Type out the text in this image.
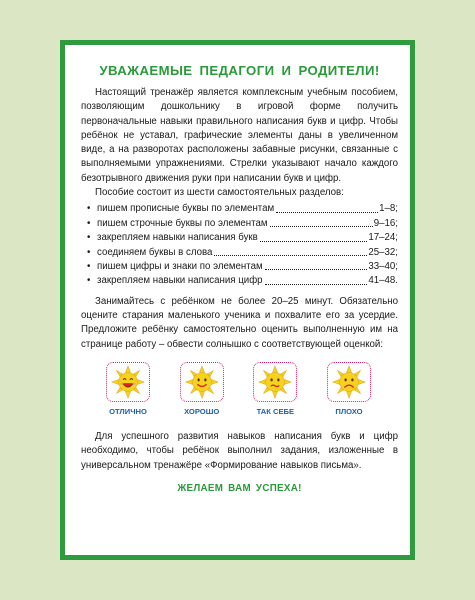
УВАЖАЕМЫЕ ПЕДАГОГИ И РОДИТЕЛИ!

Настоящий тренажёр является комплексным учебным пособием, позволяющим дошкольнику в игровой форме получить первоначальные навыки правильного написания букв и цифр. Чтобы ребёнок не уставал, графические элементы даны в увеличенном виде, а на разворотах расположены забавные рисунки, связанные с выполняемыми упражнениями. Стрелки указывают начало каждого безотрывного движения руки при написании букв и цифр.

Пособие состоит из шести самостоятельных разделов:

• пишем прописные буквы по элементам	1–8;
• пишем строчные буквы по элементам	9–16;
• закрепляем навыки написания букв	17–24;
• соединяем буквы в слова	25–32;
• пишем цифры и знаки по элементам	33–40;
• закрепляем навыки написания цифр	41–48.

Занимайтесь с ребёнком не более 20–25 минут. Обязательно оцените старания маленького ученика и похвалите его за усердие. Предложите ребёнку самостоятельно оценить выполненную им на странице работу – обвести солнышко с соответствующей оценкой:

ОТЛИЧНО	ХОРОШО	ТАК СЕБЕ	ПЛОХО

Для успешного развития навыков написания букв и цифр необходимо, чтобы ребёнок выполнил задания, изложенные в универсальном тренажёре «Формирование навыков письма».

ЖЕЛАЕМ ВАМ УСПЕХА!
